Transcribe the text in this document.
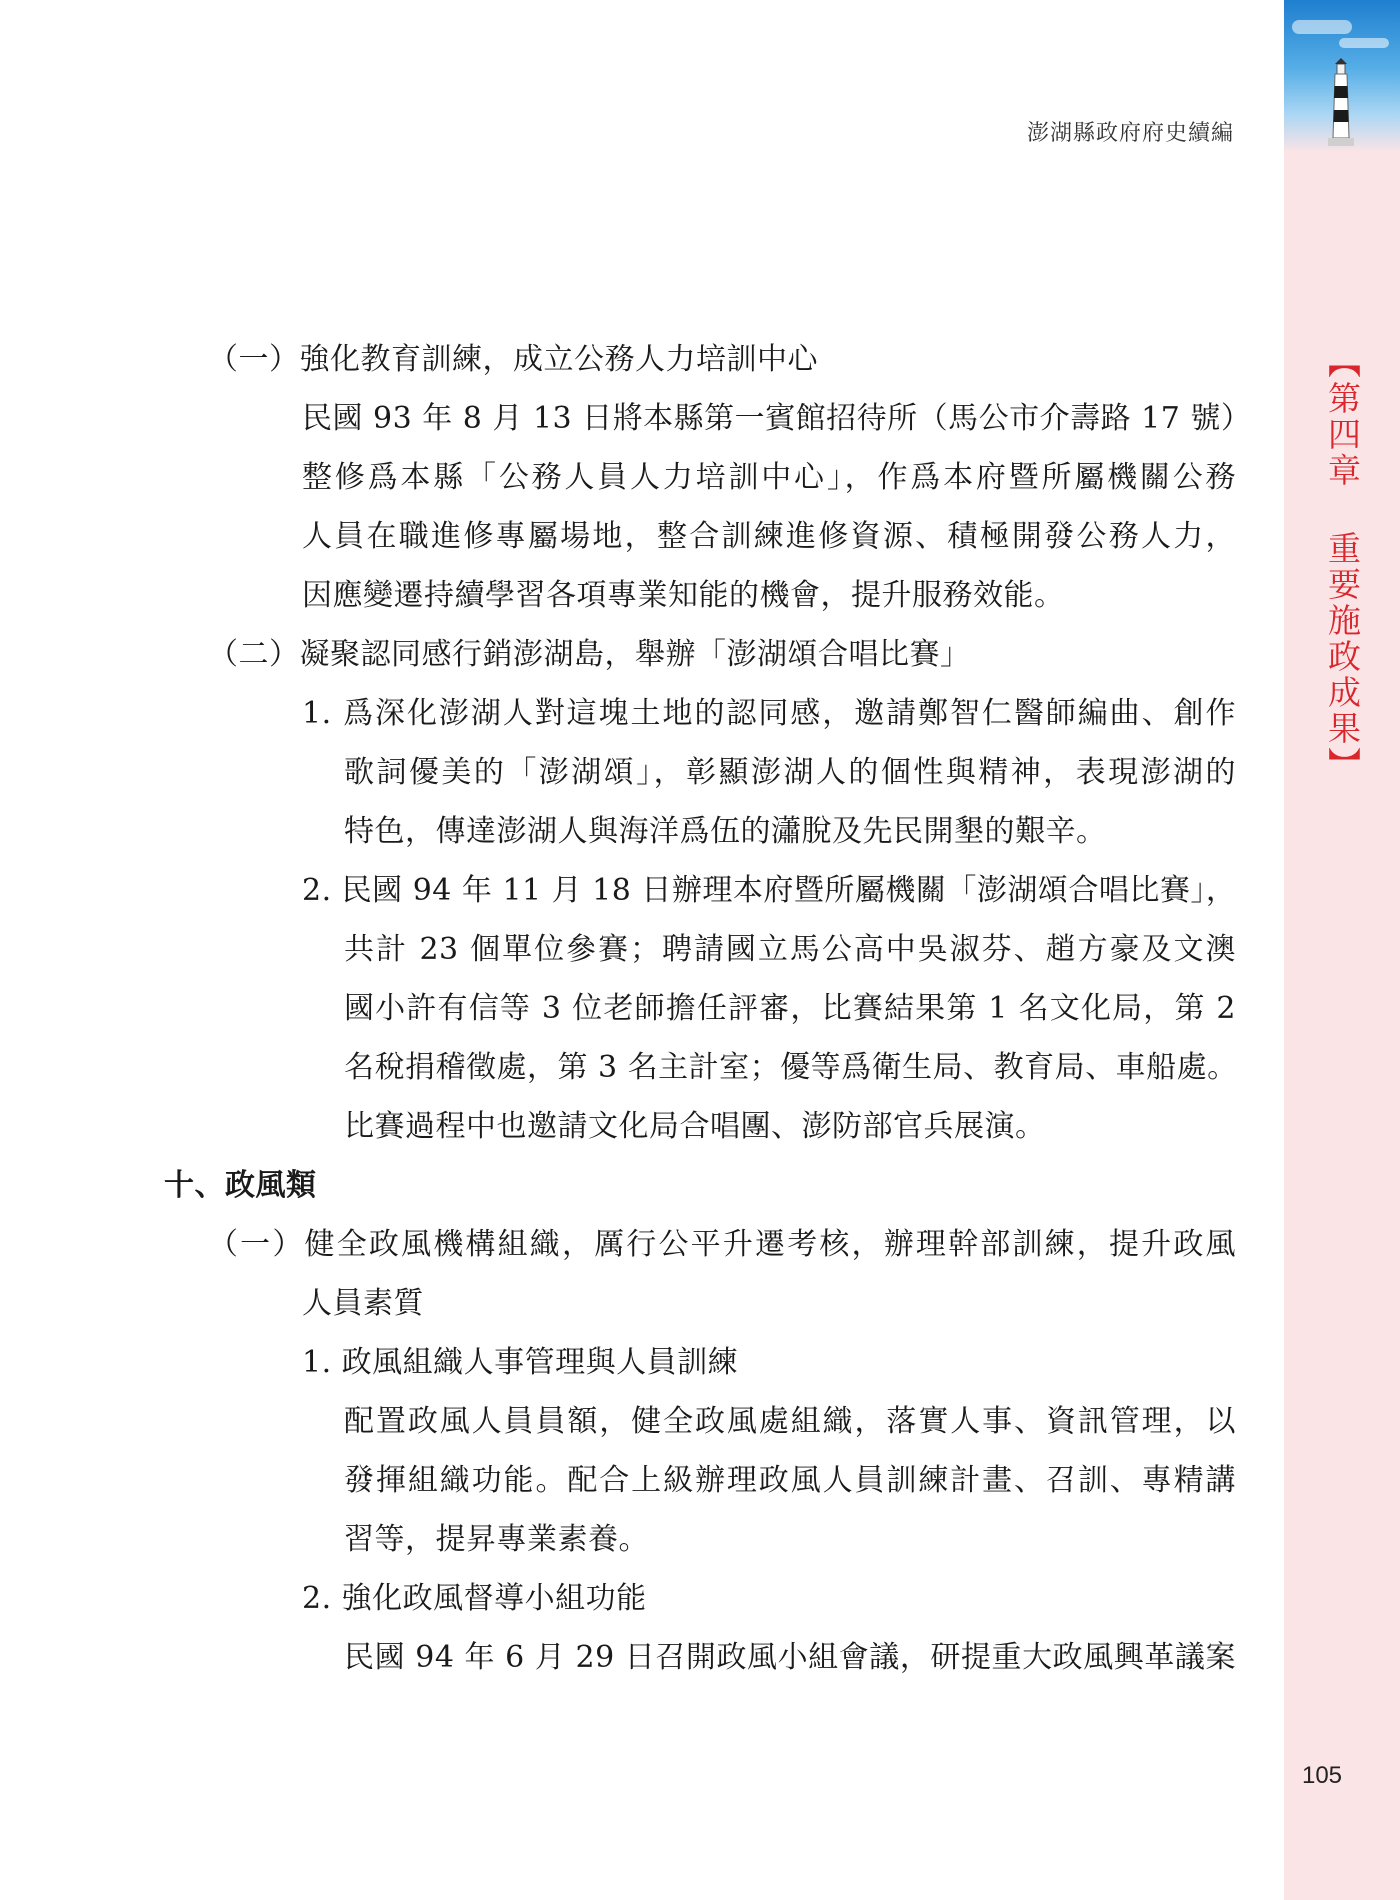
澎湖縣政府府史續編
【第四章 重要施政成果】
105
（一）強化教育訓練，成立公務人力培訓中心
民國 93 年 8 月 13 日將本縣第一賓館招待所（馬公市介壽路 17 號）
整修爲本縣「公務人員人力培訓中心」，作爲本府暨所屬機關公務
人員在職進修專屬場地，整合訓練進修資源、積極開發公務人力，
因應變遷持續學習各項專業知能的機會，提升服務效能。
（二）凝聚認同感行銷澎湖島，舉辦「澎湖頌合唱比賽」
1. 爲深化澎湖人對這塊土地的認同感，邀請鄭智仁醫師編曲、創作
歌詞優美的「澎湖頌」，彰顯澎湖人的個性與精神，表現澎湖的
特色，傳達澎湖人與海洋爲伍的瀟脫及先民開墾的艱辛。
2. 民國 94 年 11 月 18 日辦理本府暨所屬機關「澎湖頌合唱比賽」，
共計 23 個單位參賽；聘請國立馬公高中吳淑芬、趙方豪及文澳
國小許有信等 3 位老師擔任評審，比賽結果第 1 名文化局，第 2
名稅捐稽徵處，第 3 名主計室；優等爲衛生局、教育局、車船處。
比賽過程中也邀請文化局合唱團、澎防部官兵展演。
十、政風類
（一）健全政風機構組織，厲行公平升遷考核，辦理幹部訓練，提升政風
人員素質
1. 政風組織人事管理與人員訓練
配置政風人員員額，健全政風處組織，落實人事、資訊管理，以
發揮組織功能。配合上級辦理政風人員訓練計畫、召訓、專精講
習等，提昇專業素養。
2. 強化政風督導小組功能
民國 94 年 6 月 29 日召開政風小組會議，研提重大政風興革議案
